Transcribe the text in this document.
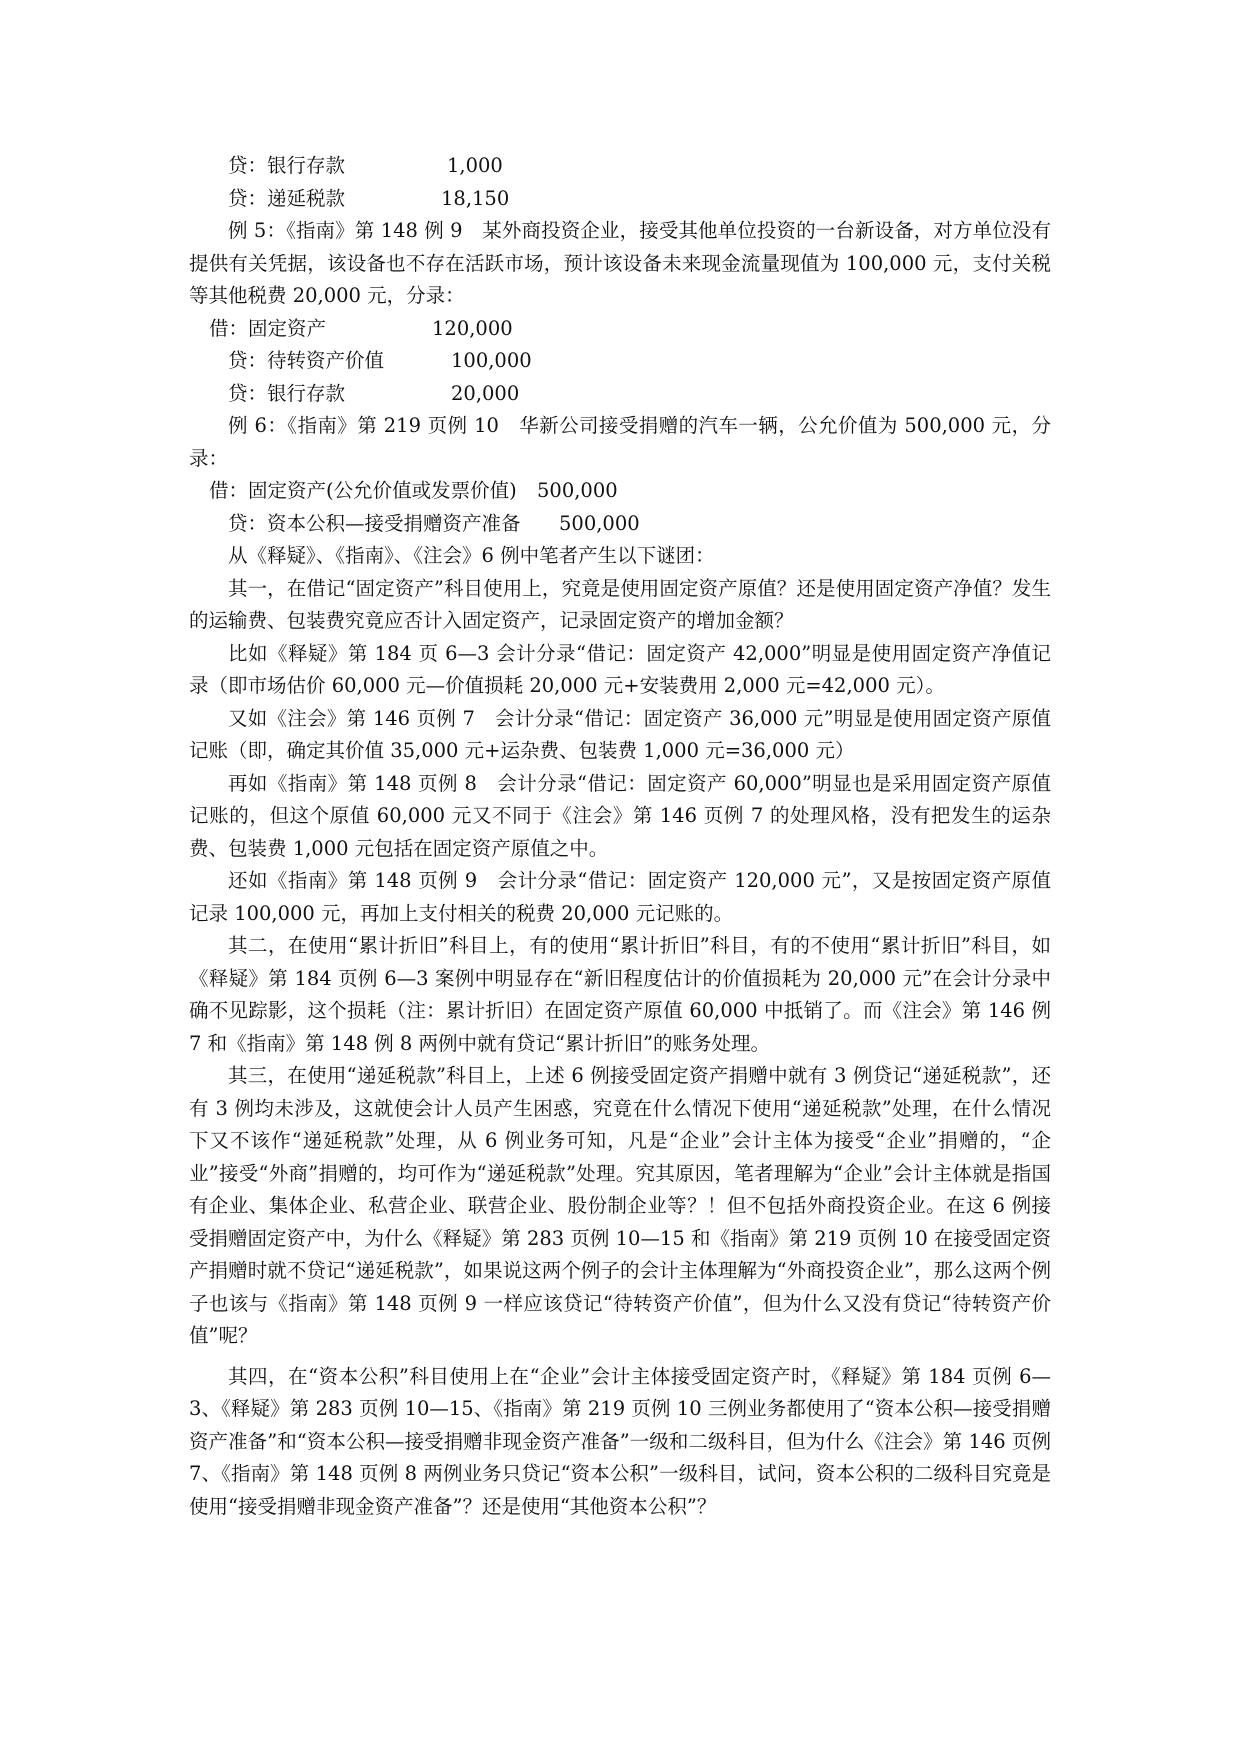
贷：银行存款	1,000
贷：递延税款	18,150
例 5：《指南》第 148 例 9　某外商投资企业，接受其他单位投资的一台新设备，对方单位没有提供有关凭据，该设备也不存在活跃市场，预计该设备未来现金流量现值为 100,000 元，支付关税等其他税费 20,000 元，分录：
借：固定资产	120,000
贷：待转资产价值	100,000
贷：银行存款	20,000
例 6：《指南》第 219 页例 10　华新公司接受捐赠的汽车一辆，公允价值为 500,000 元，分录：
借：固定资产(公允价值或发票价值) 500,000
贷：资本公积—接受捐赠资产准备 500,000
从《释疑》、《指南》、《注会》6 例中笔者产生以下谜团：
其一，在借记“固定资产”科目使用上，究竟是使用固定资产原值？还是使用固定资产净值？发生的运输费、包装费究竟应否计入固定资产，记录固定资产的增加金额？
比如《释疑》第 184 页 6—3 会计分录“借记：固定资产 42,000”明显是使用固定资产净值记录（即市场估价 60,000 元—价值损耗 20,000 元+安装费用 2,000 元=42,000 元）。
又如《注会》第 146 页例 7　会计分录“借记：固定资产 36,000 元”明显是使用固定资产原值记账（即，确定其价值 35,000 元+运杂费、包装费 1,000 元=36,000 元）
再如《指南》第 148 页例 8　会计分录“借记：固定资产 60,000”明显也是采用固定资产原值记账的，但这个原值 60,000 元又不同于《注会》第 146 页例 7 的处理风格，没有把发生的运杂费、包装费 1,000 元包括在固定资产原值之中。
还如《指南》第 148 页例 9　会计分录“借记：固定资产 120,000 元”，又是按固定资产原值记录 100,000 元，再加上支付相关的税费 20,000 元记账的。
其二，在使用“累计折旧”科目上，有的使用“累计折旧”科目，有的不使用“累计折旧”科目，如《释疑》第 184 页例 6—3 案例中明显存在“新旧程度估计的价值损耗为 20,000 元”在会计分录中确不见踪影，这个损耗（注：累计折旧）在固定资产原值 60,000 中抵销了。而《注会》第 146 例 7 和《指南》第 148 例 8 两例中就有贷记“累计折旧”的账务处理。
其三，在使用“递延税款”科目上，上述 6 例接受固定资产捐赠中就有 3 例贷记“递延税款”，还有 3 例均未涉及，这就使会计人员产生困惑，究竟在什么情况下使用“递延税款”处理，在什么情况下又不该作“递延税款”处理，从 6 例业务可知，凡是“企业”会计主体为接受“企业”捐赠的，“企业”接受“外商”捐赠的，均可作为“递延税款”处理。究其原因，笔者理解为“企业”会计主体就是指国有企业、集体企业、私营企业、联营企业、股份制企业等？！但不包括外商投资企业。在这 6 例接受捐赠固定资产中，为什么《释疑》第 283 页例 10—15 和《指南》第 219 页例 10 在接受固定资产捐赠时就不贷记“递延税款”，如果说这两个例子的会计主体理解为“外商投资企业”，那么这两个例子也该与《指南》第 148 页例 9 一样应该贷记“待转资产价值”，但为什么又没有贷记“待转资产价值”呢？
其四，在“资本公积”科目使用上在“企业”会计主体接受固定资产时，《释疑》第 184 页例 6—3、《释疑》第 283 页例 10—15、《指南》第 219 页例 10 三例业务都使用了“资本公积—接受捐赠资产准备”和“资本公积—接受捐赠非现金资产准备”一级和二级科目，但为什么《注会》第 146 页例 7、《指南》第 148 页例 8 两例业务只贷记“资本公积”一级科目，试问，资本公积的二级科目究竟是使用“接受捐赠非现金资产准备”？还是使用“其他资本公积”？
